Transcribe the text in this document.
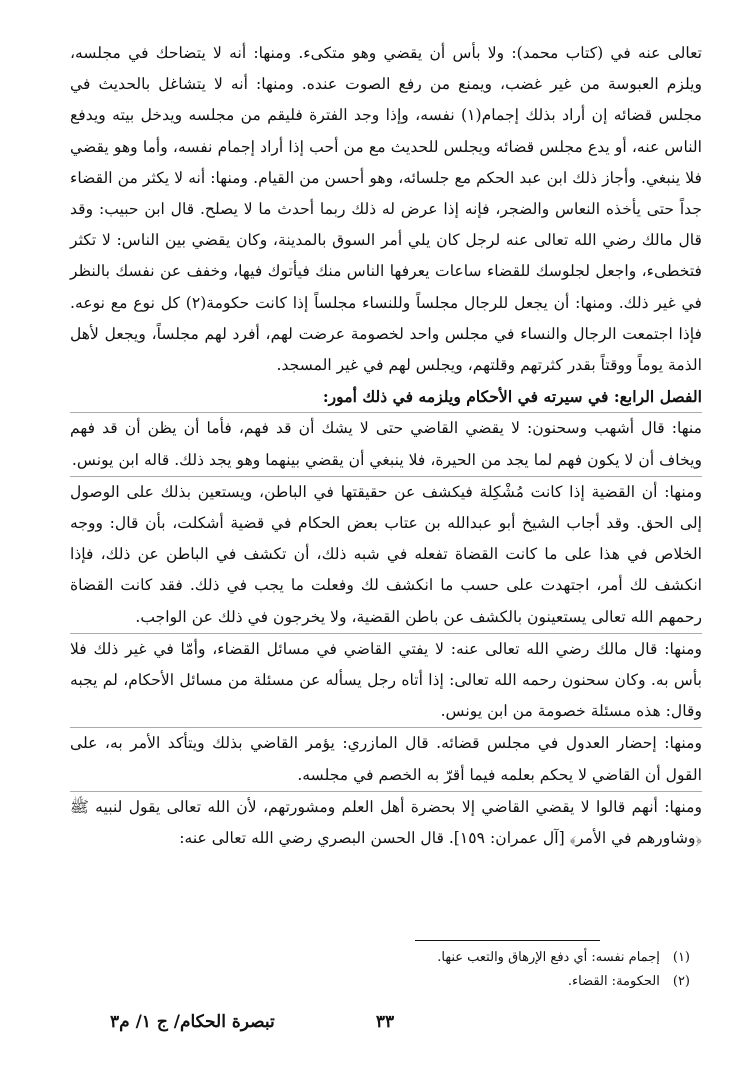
تعالى عنه في (كتاب محمد): ولا بأس أن يقضي وهو متكىء. ومنها: أنه لا يتضاحك في مجلسه، ويلزم العبوسة من غير غضب، ويمنع من رفع الصوت عنده. ومنها: أنه لا يتشاغل بالحديث في مجلس قضائه إن أراد بذلك إجمام(١) نفسه، وإذا وجد الفترة فليقم من مجلسه ويدخل بيته ويدفع الناس عنه، أو يدع مجلس قضائه ويجلس للحديث مع من أحب إذا أراد إجمام نفسه، وأما وهو يقضي فلا ينبغي. وأجاز ذلك ابن عبد الحكم مع جلسائه، وهو أحسن من القيام. ومنها: أنه لا يكثر من القضاء جداً حتى يأخذه النعاس والضجر، فإنه إذا عرض له ذلك ربما أحدث ما لا يصلح. قال ابن حبيب: وقد قال مالك رضي الله تعالى عنه لرجل كان يلي أمر السوق بالمدينة، وكان يقضي بين الناس: لا تكثر فتخطىء، واجعل لجلوسك للقضاء ساعات يعرفها الناس منك فيأتوك فيها، وخفف عن نفسك بالنظر في غير ذلك. ومنها: أن يجعل للرجال مجلساً وللنساء مجلساً إذا كانت حكومة(٢) كل نوع مع نوعه. فإذا اجتمعت الرجال والنساء في مجلس واحد لخصومة عرضت لهم، أفرد لهم مجلساً، ويجعل لأهل الذمة يوماً ووقتاً بقدر كثرتهم وقلتهم، ويجلس لهم في غير المسجد.

الفصل الرابع: في سيرته في الأحكام ويلزمه في ذلك أمور:

منها: قال أشهب وسحنون: لا يقضي القاضي حتى لا يشك أن قد فهم، فأما أن يظن أن قد فهم ويخاف أن لا يكون فهم لما يجد من الحيرة، فلا ينبغي أن يقضي بينهما وهو يجد ذلك. قاله ابن يونس.

ومنها: أن القضية إذا كانت مُشْكِلة فيكشف عن حقيقتها في الباطن، ويستعين بذلك على الوصول إلى الحق. وقد أجاب الشيخ أبو عبدالله بن عتاب بعض الحكام في قضية أشكلت، بأن قال: ووجه الخلاص في هذا على ما كانت القضاة تفعله في شبه ذلك، أن تكشف في الباطن عن ذلك، فإذا انكشف لك أمر، اجتهدت على حسب ما انكشف لك وفعلت ما يجب في ذلك. فقد كانت القضاة رحمهم الله تعالى يستعينون بالكشف عن باطن القضية، ولا يخرجون في ذلك عن الواجب.

ومنها: قال مالك رضي الله تعالى عنه: لا يفتي القاضي في مسائل القضاء، وأمّا في غير ذلك فلا بأس به. وكان سحنون رحمه الله تعالى: إذا أتاه رجل يسأله عن مسئلة من مسائل الأحكام، لم يجبه وقال: هذه مسئلة خصومة من ابن يونس.

ومنها: إحضار العدول في مجلس قضائه. قال المازري: يؤمر القاضي بذلك ويتأكد الأمر به، على القول أن القاضي لا يحكم بعلمه فيما أقرّ به الخصم في مجلسه.

ومنها: أنهم قالوا لا يقضي القاضي إلا بحضرة أهل العلم ومشورتهم، لأن الله تعالى يقول لنبيه ﷺ ﴿وشاورهم في الأمر﴾ [آل عمران: ١٥٩]. قال الحسن البصري رضي الله تعالى عنه:

(١) إجمام نفسه: أي دفع الإرهاق والتعب عنها.

(٢) الحكومة: القضاء.

٣٣
تبصرة الحكام/ ج ١/ م٣
